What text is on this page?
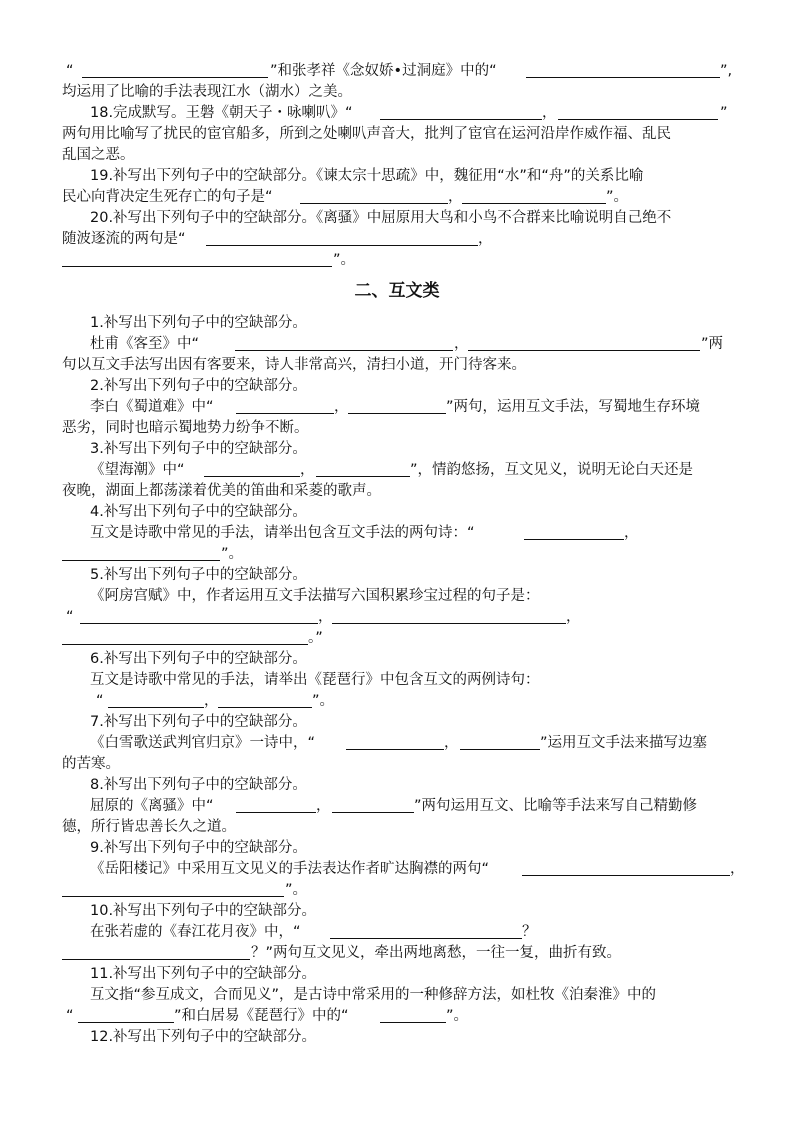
“	”和张孝祥《念奴娇•过洞庭》中的“	”,
均运用了比喻的手法表现江水（湖水）之美。
18.完成默写。王磐《朝天子・咏喇叭》“	，	”
两句用比喻写了扰民的宦官船多，所到之处喇叭声音大，批判了宦官在运河沿岸作威作福、乱民
乱国之恶。
19.补写出下列句子中的空缺部分。《谏太宗十思疏》中，魏征用“水”和“舟”的关系比喻
民心向背决定生死存亡的句子是“	，	”。
20.补写出下列句子中的空缺部分。《离骚》中屈原用大鸟和小鸟不合群来比喻说明自己绝不
随波逐流的两句是“	，
”。
二、互文类
1.补写出下列句子中的空缺部分。
杜甫《客至》中“	，	”两
句以互文手法写出因有客要来，诗人非常高兴，清扫小道，开门待客来。
2.补写出下列句子中的空缺部分。
李白《蜀道难》中“	，	”两句，运用互文手法，写蜀地生存环境
恶劣，同时也暗示蜀地势力纷争不断。
3.补写出下列句子中的空缺部分。
《望海潮》中“	，	”，情韵悠扬，互文见义，说明无论白天还是
夜晚，湖面上都荡漾着优美的笛曲和采菱的歌声。
4.补写出下列句子中的空缺部分。
互文是诗歌中常见的手法，请举出包含互文手法的两句诗：“	，
”。
5.补写出下列句子中的空缺部分。
《阿房宫赋》中，作者运用互文手法描写六国积累珍宝过程的句子是：
“	，	，
。”
6.补写出下列句子中的空缺部分。
互文是诗歌中常见的手法，请举出《琵琶行》中包含互文的两例诗句：
“	，	”。
7.补写出下列句子中的空缺部分。
《白雪歌送武判官归京》一诗中，“	，	”运用互文手法来描写边塞
的苦寒。
8.补写出下列句子中的空缺部分。
屈原的《离骚》中“	，	”两句运用互文、比喻等手法来写自己精勤修
德，所行皆忠善长久之道。
9.补写出下列句子中的空缺部分。
《岳阳楼记》中采用互文见义的手法表达作者旷达胸襟的两句“	，
”。
10.补写出下列句子中的空缺部分。
在张若虚的《春江花月夜》中，“	？
？”两句互文见义，牵出两地离愁，一往一复，曲折有致。
11.补写出下列句子中的空缺部分。
互文指“参互成文，合而见义”，是古诗中常采用的一种修辞方法，如杜牧《泊秦淮》中的
“	”和白居易《琵琶行》中的“	”。
12.补写出下列句子中的空缺部分。
